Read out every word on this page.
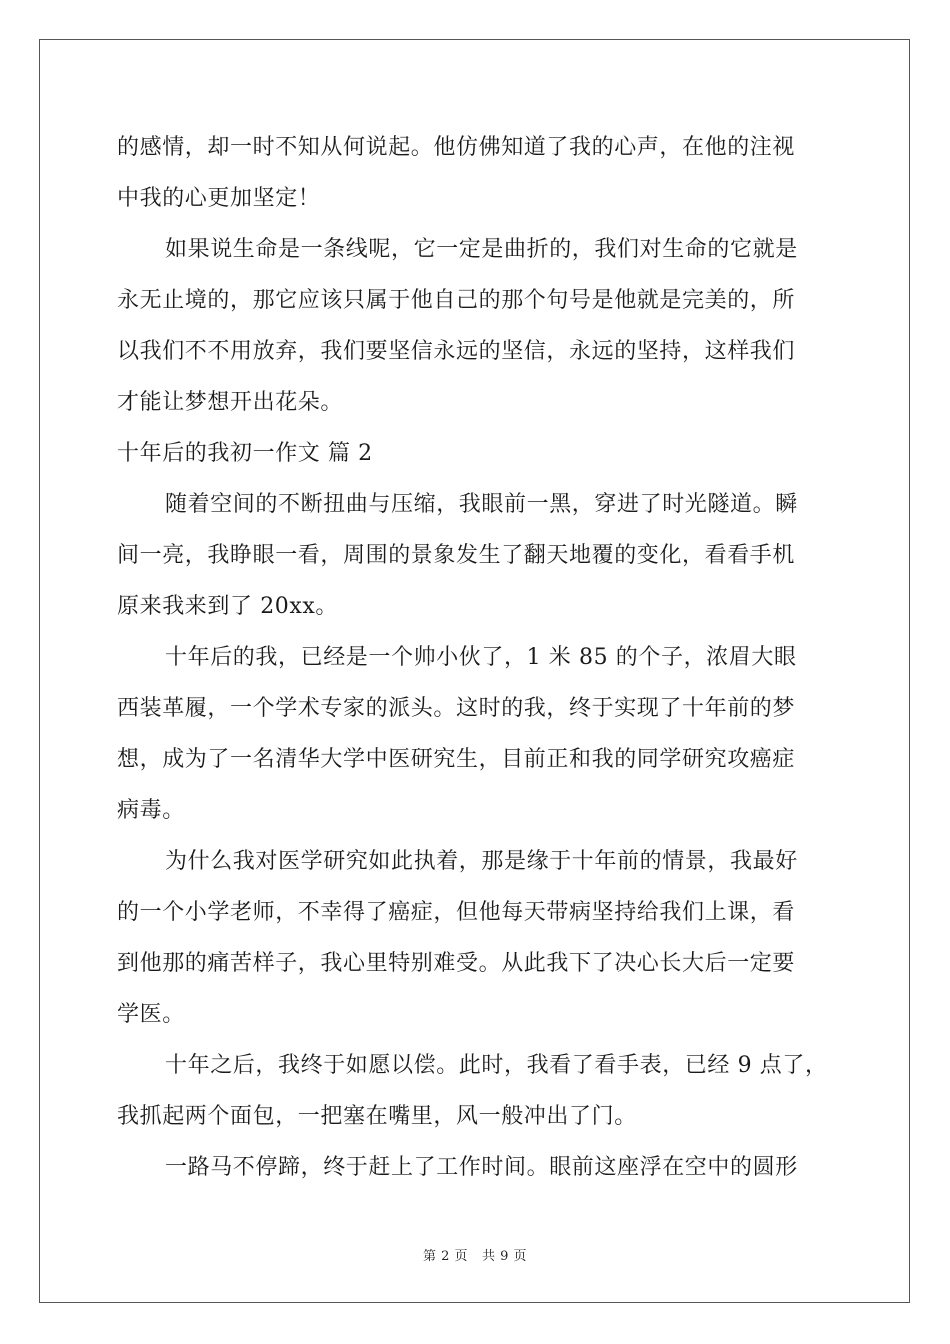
的感情，却一时不知从何说起。他仿佛知道了我的心声，在他的注视
中我的心更加坚定！
如果说生命是一条线呢，它一定是曲折的，我们对生命的它就是
永无止境的，那它应该只属于他自己的那个句号是他就是完美的，所
以我们不不用放弃，我们要坚信永远的坚信，永远的坚持，这样我们
才能让梦想开出花朵。
十年后的我初一作文 篇 2
随着空间的不断扭曲与压缩，我眼前一黑，穿进了时光隧道。瞬
间一亮，我睁眼一看，周围的景象发生了翻天地覆的变化，看看手机
原来我来到了 20xx。
十年后的我，已经是一个帅小伙了，1 米 85 的个子，浓眉大眼
西装革履，一个学术专家的派头。这时的我，终于实现了十年前的梦
想，成为了一名清华大学中医研究生，目前正和我的同学研究攻癌症
病毒。
为什么我对医学研究如此执着，那是缘于十年前的情景，我最好
的一个小学老师，不幸得了癌症，但他每天带病坚持给我们上课，看
到他那的痛苦样子，我心里特别难受。从此我下了决心长大后一定要
学医。
十年之后，我终于如愿以偿。此时，我看了看手表，已经 9 点了，
我抓起两个面包，一把塞在嘴里，风一般冲出了门。
一路马不停蹄，终于赶上了工作时间。眼前这座浮在空中的圆形
第 2 页 共 9 页
